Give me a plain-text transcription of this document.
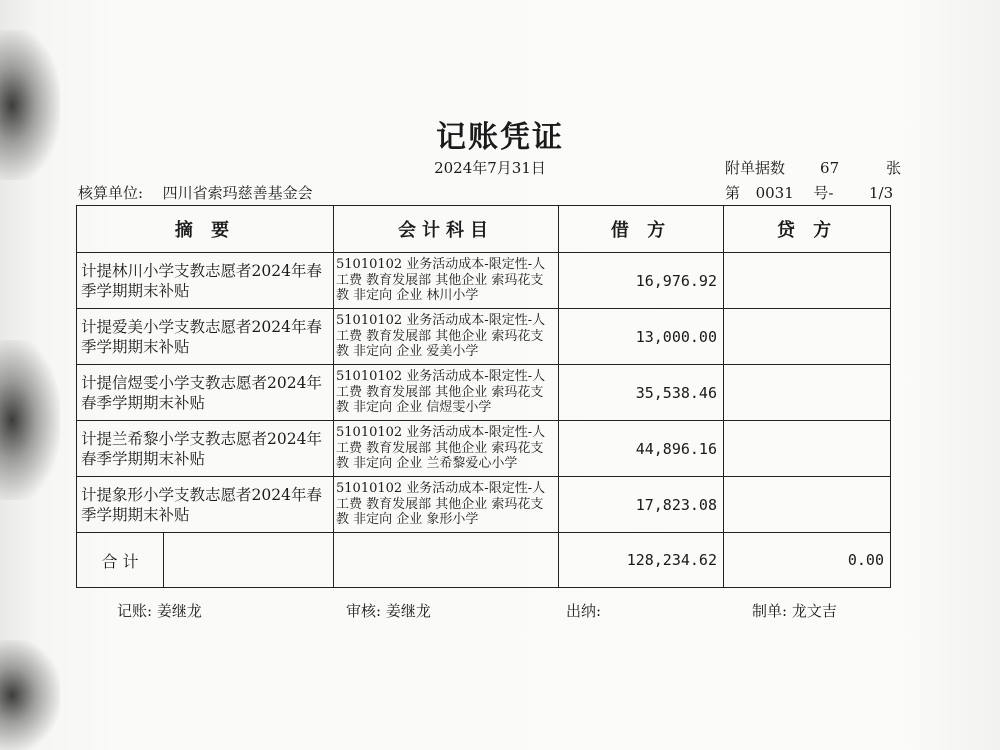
记账凭证
2024年7月31日	附单据数 67	张
核算单位: 四川省索玛慈善基金会	第 0031 号- 1/3
摘 要	会计科目	借 方	贷 方
计提林川小学支教志愿者2024年春季学期期末补贴	51010102 业务活动成本-限定性-人工费 教育发展部 其他企业 索玛花支教 非定向 企业 林川小学	16,976.92	
计提爱美小学支教志愿者2024年春季学期期末补贴	51010102 业务活动成本-限定性-人工费 教育发展部 其他企业 索玛花支教 非定向 企业 爱美小学	13,000.00	
计提信煜雯小学支教志愿者2024年春季学期期末补贴	51010102 业务活动成本-限定性-人工费 教育发展部 其他企业 索玛花支教 非定向 企业 信煜雯小学	35,538.46	
计提兰希黎小学支教志愿者2024年春季学期期末补贴	51010102 业务活动成本-限定性-人工费 教育发展部 其他企业 索玛花支教 非定向 企业 兰希黎爱心小学	44,896.16	
计提象形小学支教志愿者2024年春季学期期末补贴	51010102 业务活动成本-限定性-人工费 教育发展部 其他企业 索玛花支教 非定向 企业 象形小学	17,823.08	

合 计		128,234.62	0.00
记账: 姜继龙	审核: 姜继龙	出纳:	制单: 龙文吉
